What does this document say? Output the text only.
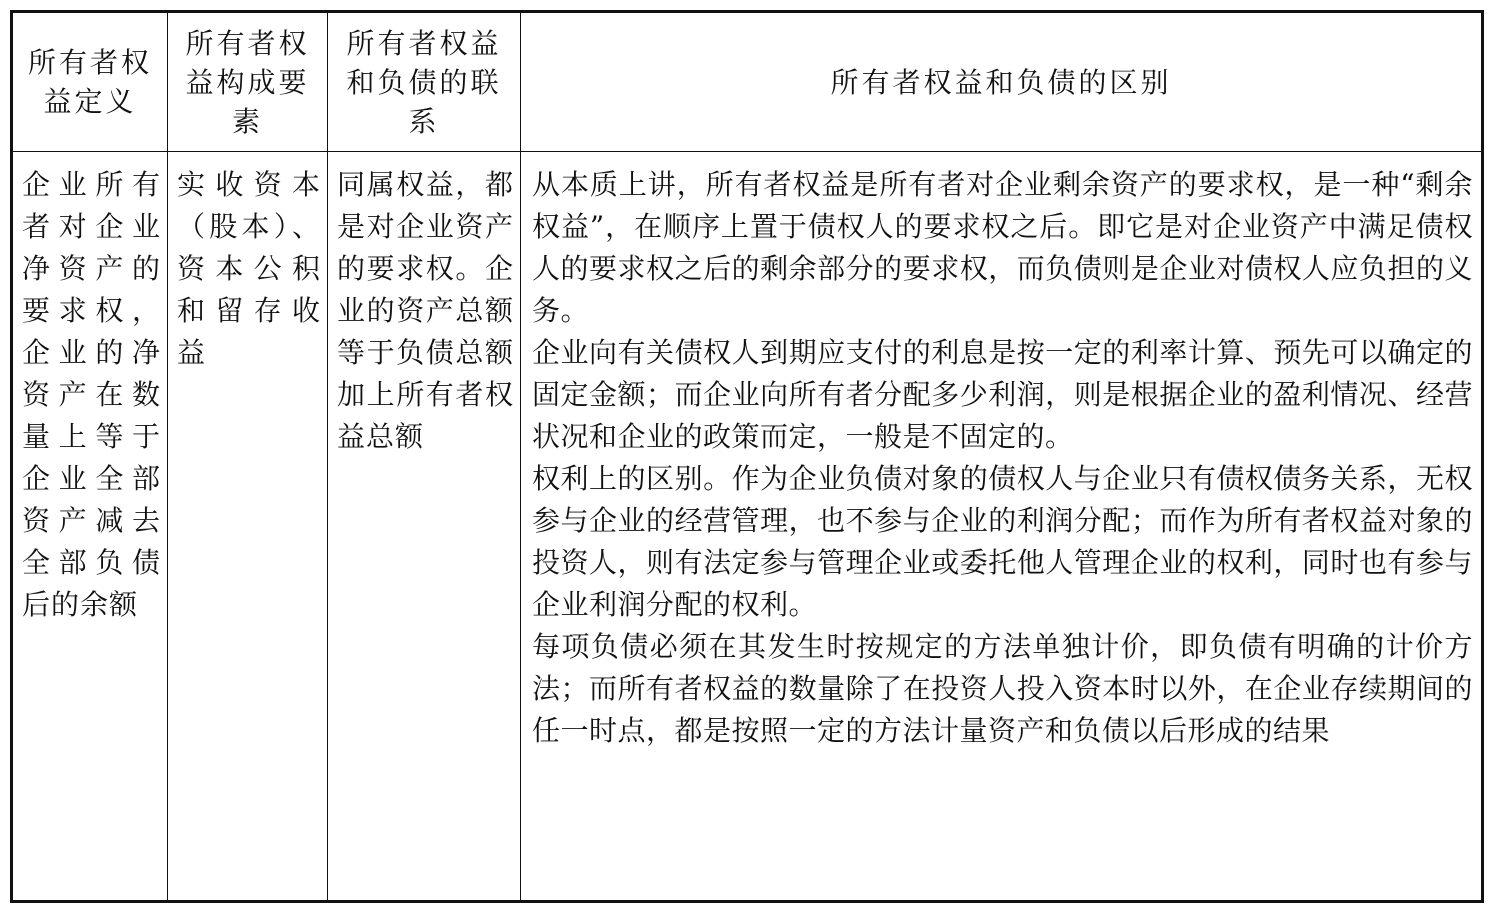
所有者权益定义	所有者权益构成要素	所有者权益和负债的联系	所有者权益和负债的区别
企业所有者对企业净资产的要求权，企业的净资产在数量上等于企业全部资产减去全部负债后的余额	实收资本（股本）、资本公积和留存收益	同属权益，都是对企业资产的要求权。企业的资产总额等于负债总额加上所有者权益总额	从本质上讲，所有者权益是所有者对企业剩余资产的要求权，是一种“剩余权益”，在顺序上置于债权人的要求权之后。即它是对企业资产中满足债权人的要求权之后的剩余部分的要求权，而负债则是企业对债权人应负担的义务。
企业向有关债权人到期应支付的利息是按一定的利率计算、预先可以确定的固定金额；而企业向所有者分配多少利润，则是根据企业的盈利情况、经营状况和企业的政策而定，一般是不固定的。
权利上的区别。作为企业负债对象的债权人与企业只有债权债务关系，无权参与企业的经营管理，也不参与企业的利润分配；而作为所有者权益对象的投资人，则有法定参与管理企业或委托他人管理企业的权利，同时也有参与企业利润分配的权利。
每项负债必须在其发生时按规定的方法单独计价，即负债有明确的计价方法；而所有者权益的数量除了在投资人投入资本时以外，在企业存续期间的任一时点，都是按照一定的方法计量资产和负债以后形成的结果
